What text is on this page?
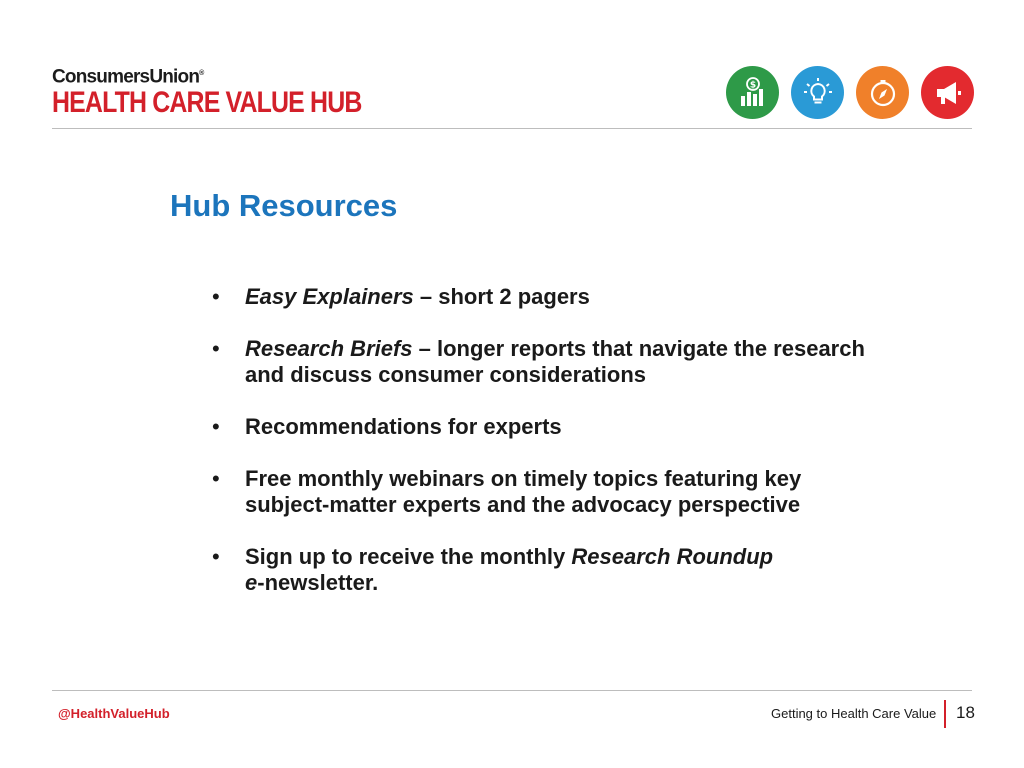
ConsumersUnion®
HEALTH CARE VALUE HUB
$
Hub Resources
• Easy Explainers – short 2 pagers
• Research Briefs – longer reports that navigate the research and discuss consumer considerations
• Recommendations for experts
• Free monthly webinars on timely topics featuring key subject-matter experts and the advocacy perspective
• Sign up to receive the monthly Research Roundup
e-newsletter.
@HealthValueHub	Getting to Health Care Value 18
